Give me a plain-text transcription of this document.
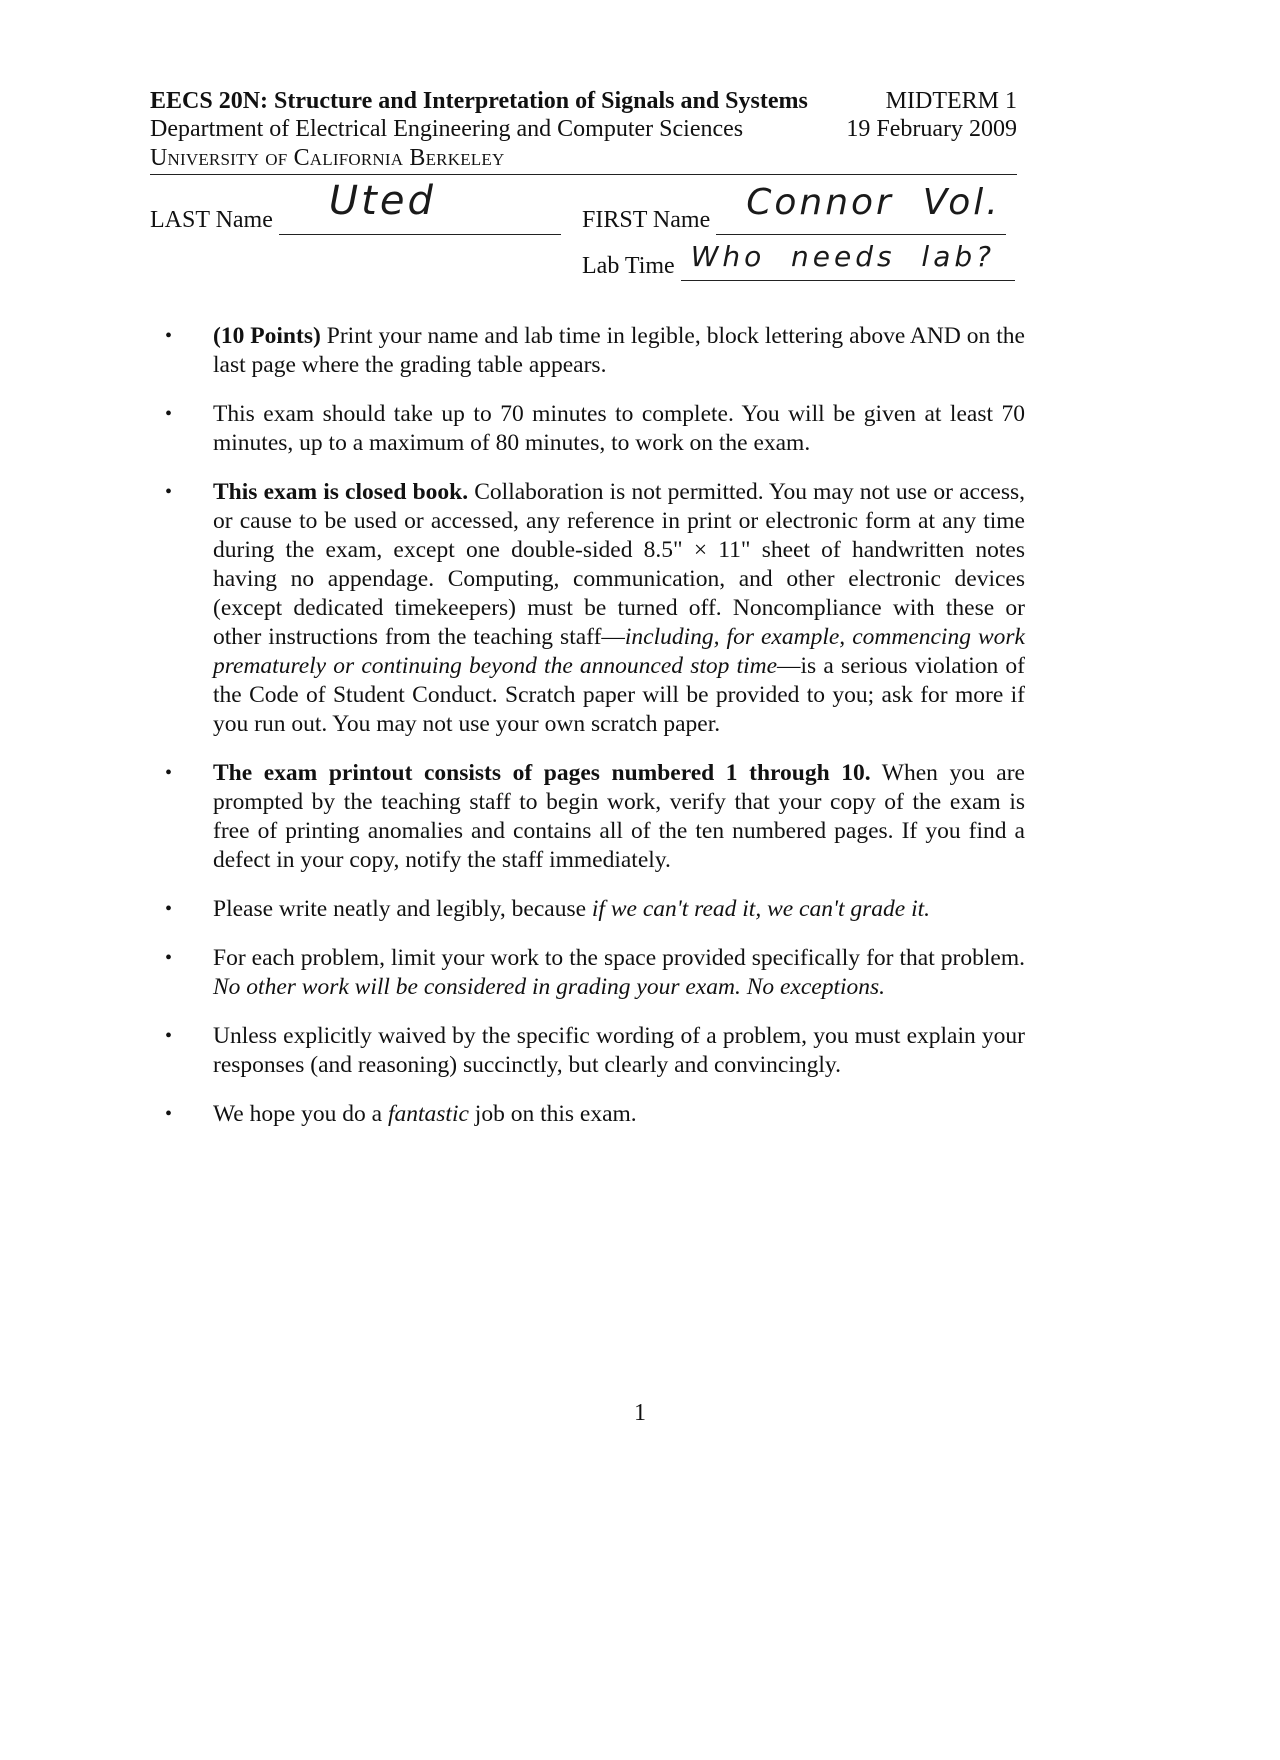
EECS 20N: Structure and Interpretation of Signals and Systems	MIDTERM 1
Department of Electrical Engineering and Computer Sciences	19 February 2009
University of California Berkeley
LAST Name Uted	FIRST Name Connor  Vol.
Lab Time Who  needs  lab?
• (10 Points) Print your name and lab time in legible, block lettering above AND on the last page where the grading table appears.
• This exam should take up to 70 minutes to complete. You will be given at least 70 minutes, up to a maximum of 80 minutes, to work on the exam.
• This exam is closed book. Collaboration is not permitted. You may not use or access, or cause to be used or accessed, any reference in print or electronic form at any time during the exam, except one double-sided 8.5" × 11" sheet of handwritten notes having no appendage. Computing, communication, and other electronic devices (except dedicated timekeepers) must be turned off. Noncompliance with these or other instructions from the teaching staff—including, for example, commencing work prematurely or continuing beyond the announced stop time—is a serious violation of the Code of Student Conduct. Scratch paper will be provided to you; ask for more if you run out. You may not use your own scratch paper.
• The exam printout consists of pages numbered 1 through 10. When you are prompted by the teaching staff to begin work, verify that your copy of the exam is free of printing anomalies and contains all of the ten numbered pages. If you find a defect in your copy, notify the staff immediately.
• Please write neatly and legibly, because if we can't read it, we can't grade it.
• For each problem, limit your work to the space provided specifically for that problem. No other work will be considered in grading your exam. No exceptions.
• Unless explicitly waived by the specific wording of a problem, you must explain your responses (and reasoning) succinctly, but clearly and convincingly.
• We hope you do a fantastic job on this exam.
1
